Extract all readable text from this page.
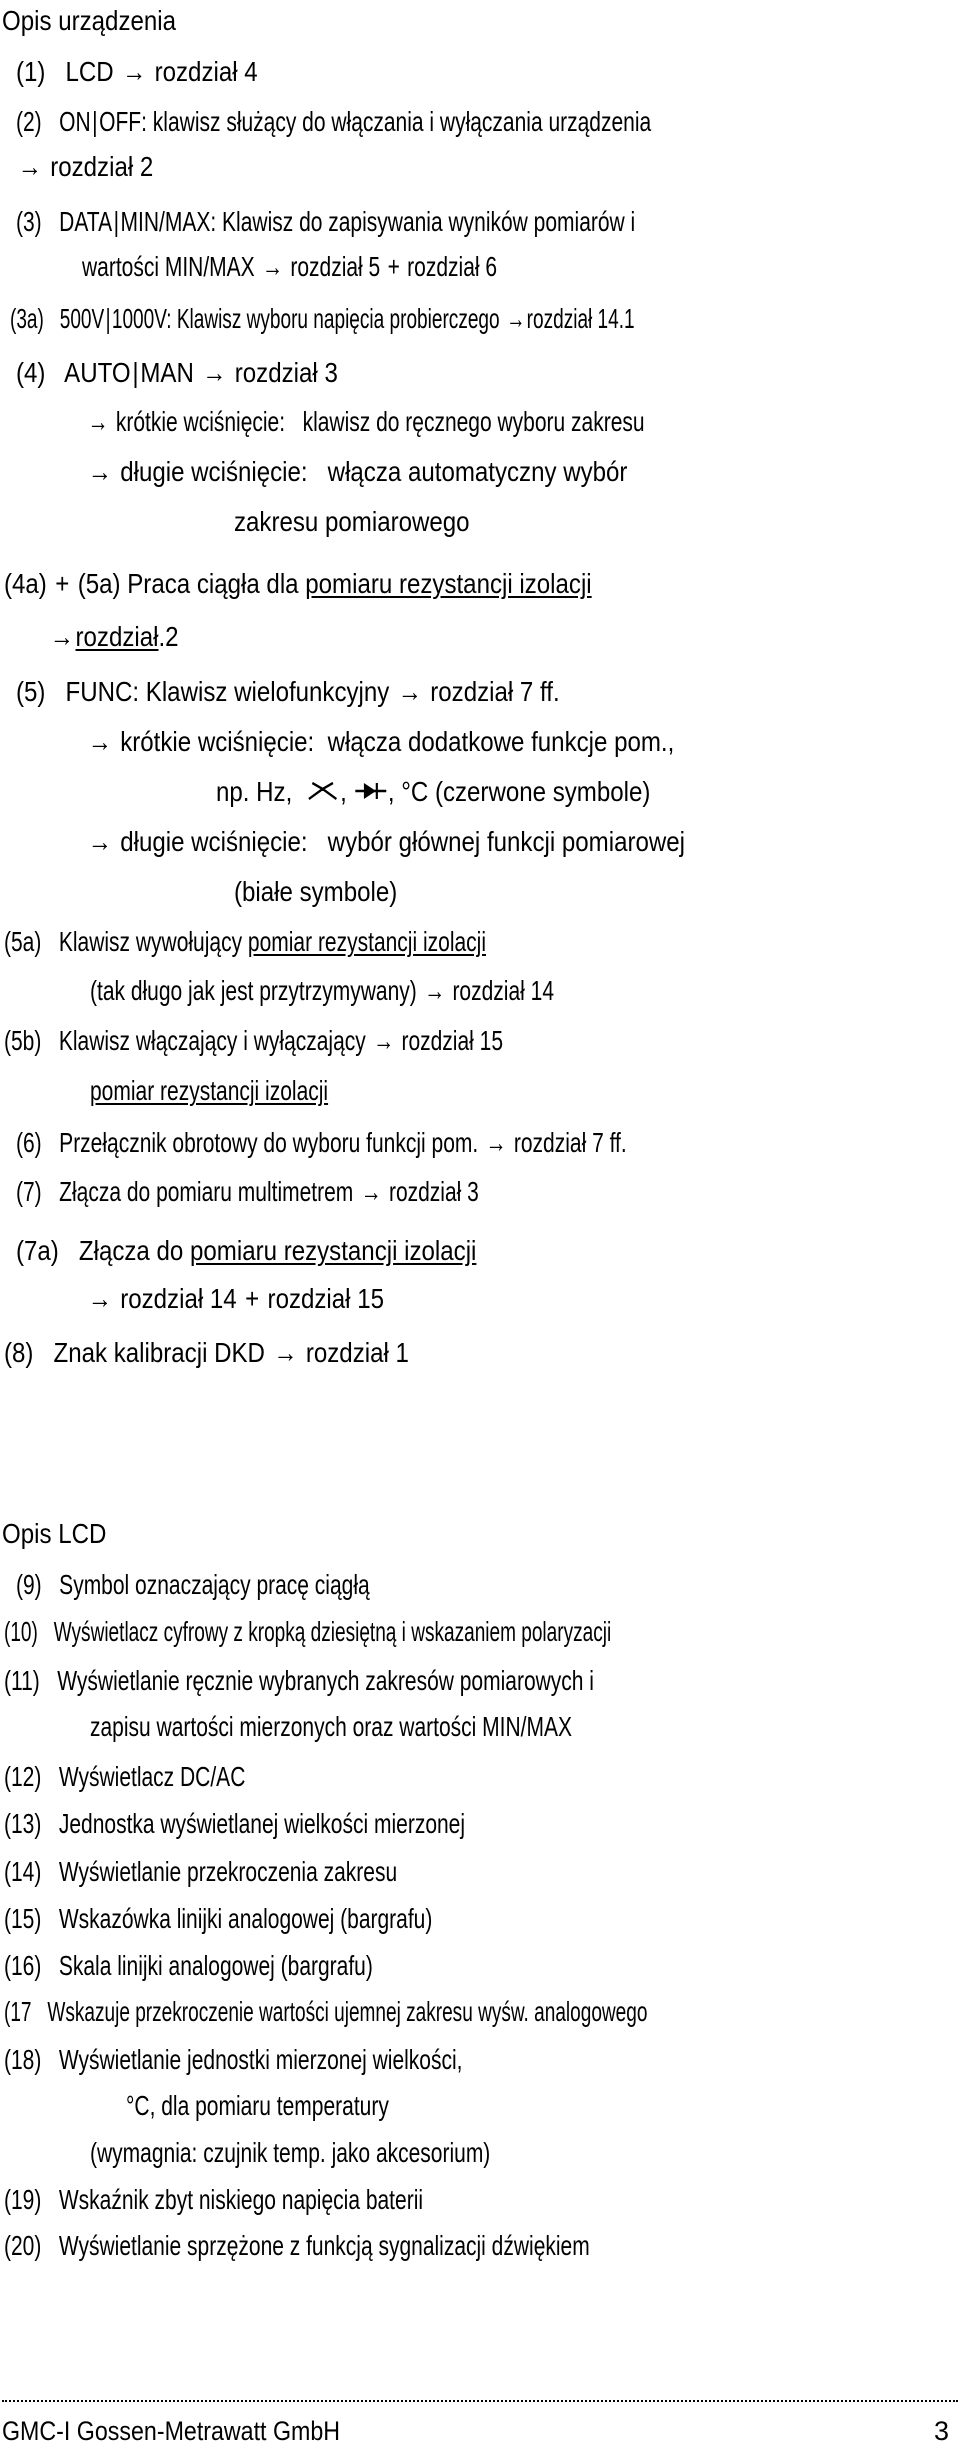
Opis urządzenia
(1) LCD → rozdział 4
(2) ON|OFF: klawisz służący do włączania i wyłączania urządzenia
→ rozdział 2
(3) DATA|MIN/MAX: Klawisz do zapisywania wyników pomiarów i
wartości MIN/MAX → rozdział 5 + rozdział 6
(3a) 500V|1000V: Klawisz wyboru napięcia probierczego →rozdział 14.1
(4) AUTO|MAN → rozdział 3
→ krótkie wciśnięcie: klawisz do ręcznego wyboru zakresu
→ długie wciśnięcie: włącza automatyczny wybór
zakresu pomiarowego
(4a) + (5a) Praca ciągła dla pomiaru rezystancji izolacji
→rozdział.2
(5) FUNC: Klawisz wielofunkcyjny → rozdział 7 ff.
→ krótkie wciśnięcie: włącza dodatkowe funkcje pom.,
np. Hz, , , °C (czerwone symbole)
→ długie wciśnięcie: wybór głównej funkcji pomiarowej
(białe symbole)
(5a) Klawisz wywołujący pomiar rezystancji izolacji
(tak długo jak jest przytrzymywany) → rozdział 14
(5b) Klawisz włączający i wyłączający → rozdział 15
pomiar rezystancji izolacji
(6) Przełącznik obrotowy do wyboru funkcji pom. → rozdział 7 ff.
(7) Złącza do pomiaru multimetrem → rozdział 3
(7a) Złącza do pomiaru rezystancji izolacji
→ rozdział 14 + rozdział 15
(8) Znak kalibracji DKD → rozdział 1
Opis LCD
(9) Symbol oznaczający pracę ciągłą
(10) Wyświetlacz cyfrowy z kropką dziesiętną i wskazaniem polaryzacji
(11) Wyświetlanie ręcznie wybranych zakresów pomiarowych i
zapisu wartości mierzonych oraz wartości MIN/MAX
(12) Wyświetlacz DC/AC
(13) Jednostka wyświetlanej wielkości mierzonej
(14) Wyświetlanie przekroczenia zakresu
(15) Wskazówka linijki analogowej (bargrafu)
(16) Skala linijki analogowej (bargrafu)
(17 Wskazuje przekroczenie wartości ujemnej zakresu wyśw. analogowego
(18) Wyświetlanie jednostki mierzonej wielkości,
°C, dla pomiaru temperatury
(wymagnia: czujnik temp. jako akcesorium)
(19) Wskaźnik zbyt niskiego napięcia baterii
(20) Wyświetlanie sprzężone z funkcją sygnalizacji dźwiękiem
GMC-I Gossen-Metrawatt GmbH	3
